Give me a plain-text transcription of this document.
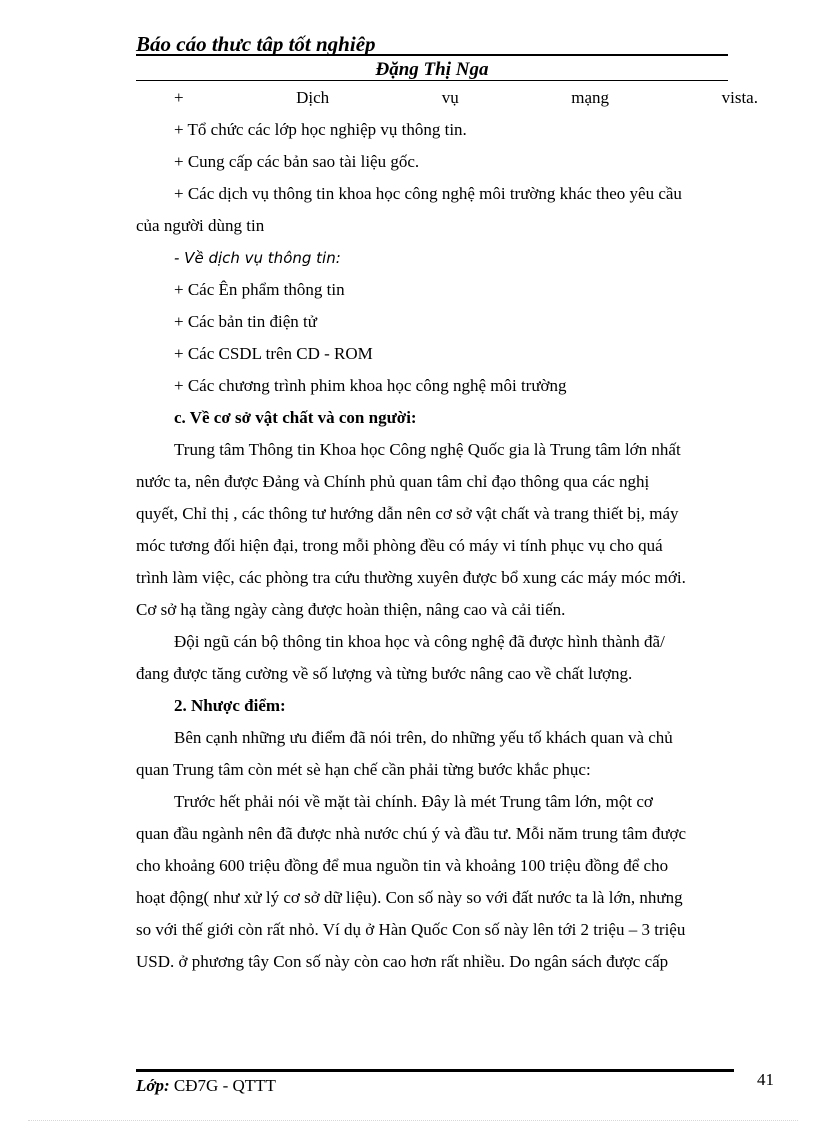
Báo cáo thưc tâp tốt nghiêp
Đặng Thị Nga
+	Dịch	vụ	mạng	vista.
+ Tổ chức các lớp học nghiệp vụ thông tin.
+ Cung cấp các bản sao tài liệu gốc.
+ Các dịch vụ thông tin khoa học công nghệ môi trường khác theo yêu cầu
của người dùng tin
- Về dịch vụ thông tin:
+ Các Ên phẩm thông tin
+ Các bản tin điện tử
+ Các CSDL trên CD - ROM
+ Các chương trình phim khoa học công nghệ môi trường
c. Về cơ sở vật chất và con người:
Trung tâm Thông tin Khoa học Công nghệ Quốc gia là Trung tâm lớn nhất
nước ta, nên được Đảng và Chính phủ quan tâm chỉ đạo thông qua các nghị
quyết, Chỉ thị , các thông tư hướng dẫn nên cơ sở vật chất và trang thiết bị, máy
móc tương đối hiện đại, trong mỗi phòng đều có máy vi tính phục vụ cho quá
trình làm việc, các phòng tra cứu thường xuyên được bổ xung các máy móc mới.
Cơ sở hạ tầng ngày càng được hoàn thiện, nâng cao và cải tiến.
Đội ngũ cán bộ thông tin khoa học và công nghệ đã được hình thành đã/
đang được tăng cường về số lượng và từng bước nâng cao về chất lượng.
2. Nhược điểm:
Bên cạnh những ưu điểm đã nói trên, do những yếu tố khách quan và chủ
quan Trung tâm còn mét sè hạn chế cần phải từng bước khắc phục:
Trước hết phải nói về mặt tài chính. Đây là mét Trung tâm lớn, một cơ
quan đầu ngành nên đã được nhà nước chú ý và đầu tư. Mỗi năm trung tâm được
cho khoảng 600 triệu đồng để mua nguồn tin và khoảng 100 triệu đồng để cho
hoạt động( như xử lý cơ sở dữ liệu). Con số này so với đất nước ta là lớn, nhưng
so với thế giới còn rất nhỏ. Ví dụ ở Hàn Quốc Con số này lên tới 2 triệu – 3 triệu
USD. ở phương tây Con số này còn cao hơn rất nhiều. Do ngân sách được cấp
Lớp: CĐ7G - QTTT	41
